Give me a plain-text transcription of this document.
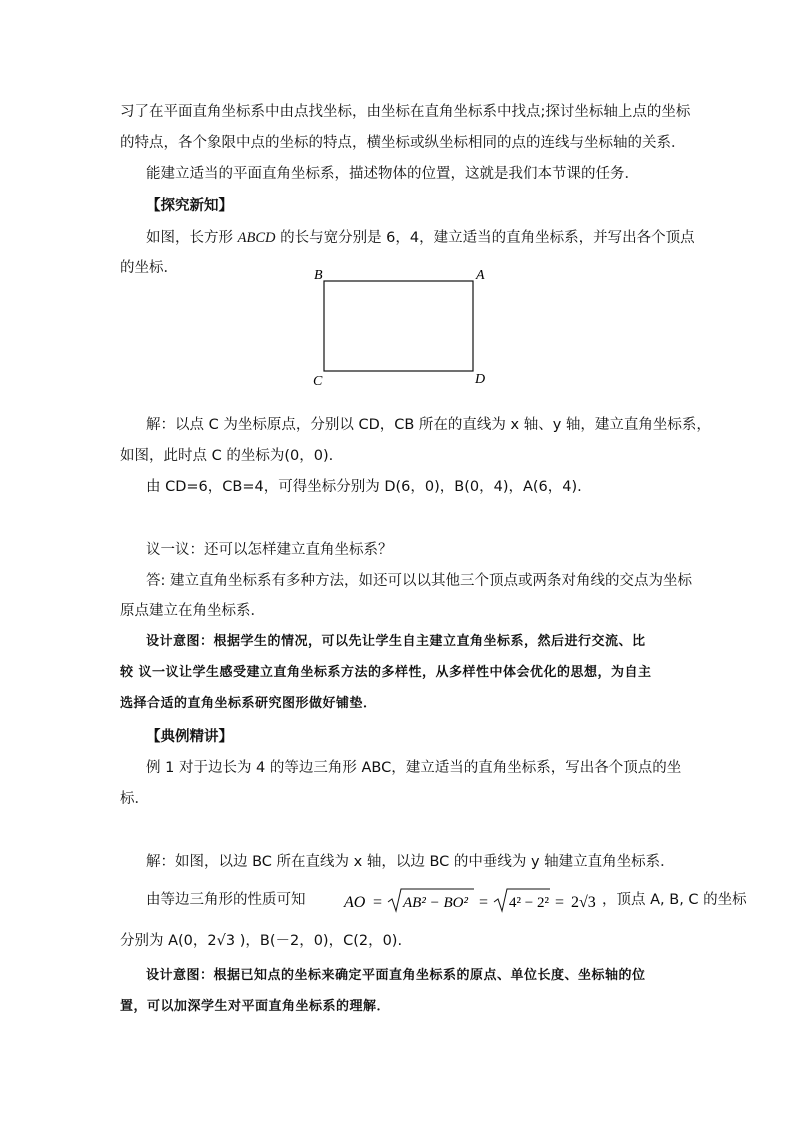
习了在平面直角坐标系中由点找坐标，由坐标在直角坐标系中找点;探讨坐标轴上点的坐标
的特点，各个象限中点的坐标的特点，横坐标或纵坐标相同的点的连线与坐标轴的关系．
能建立适当的平面直角坐标系，描述物体的位置，这就是我们本节课的任务．
【探究新知】
如图，长方形 ABCD 的长与宽分别是 6，4，建立适当的直角坐标系，并写出各个顶点
的坐标．	B	A
C	D
解：以点 C 为坐标原点，分别以 CD，CB 所在的直线为 x 轴、y 轴，建立直角坐标系，
如图，此时点 C 的坐标为(0，0).
由 CD=6，CB=4，可得坐标分别为 D(6，0)，B(0，4)，A(6，4).
议一议：还可以怎样建立直角坐标系？
答: 建立直角坐标系有多种方法，如还可以以其他三个顶点或两条对角线的交点为坐标
原点建立在角坐标系．
设计意图：根据学生的情况，可以先让学生自主建立直角坐标系，然后进行交流、比
较 议一议让学生感受建立直角坐标系方法的多样性，从多样性中体会优化的思想，为自主
选择合适的直角坐标系研究图形做好铺垫．
【典例精讲】
例 1 对于边长为 4 的等边三角形 ABC，建立适当的直角坐标系，写出各个顶点的坐
标．
解：如图，以边 BC 所在直线为 x 轴，以边 BC 的中垂线为 y 轴建立直角坐标系．
由等边三角形的性质可知 AO = AB² − BO² = 4² − 2² = 2√3 ，顶点 A, B, C 的坐标
分别为 A(0，2√3 )，B(－2，0)，C(2，0).
设计意图：根据已知点的坐标来确定平面直角坐标系的原点、单位长度、坐标轴的位
置，可以加深学生对平面直角坐标系的理解．
